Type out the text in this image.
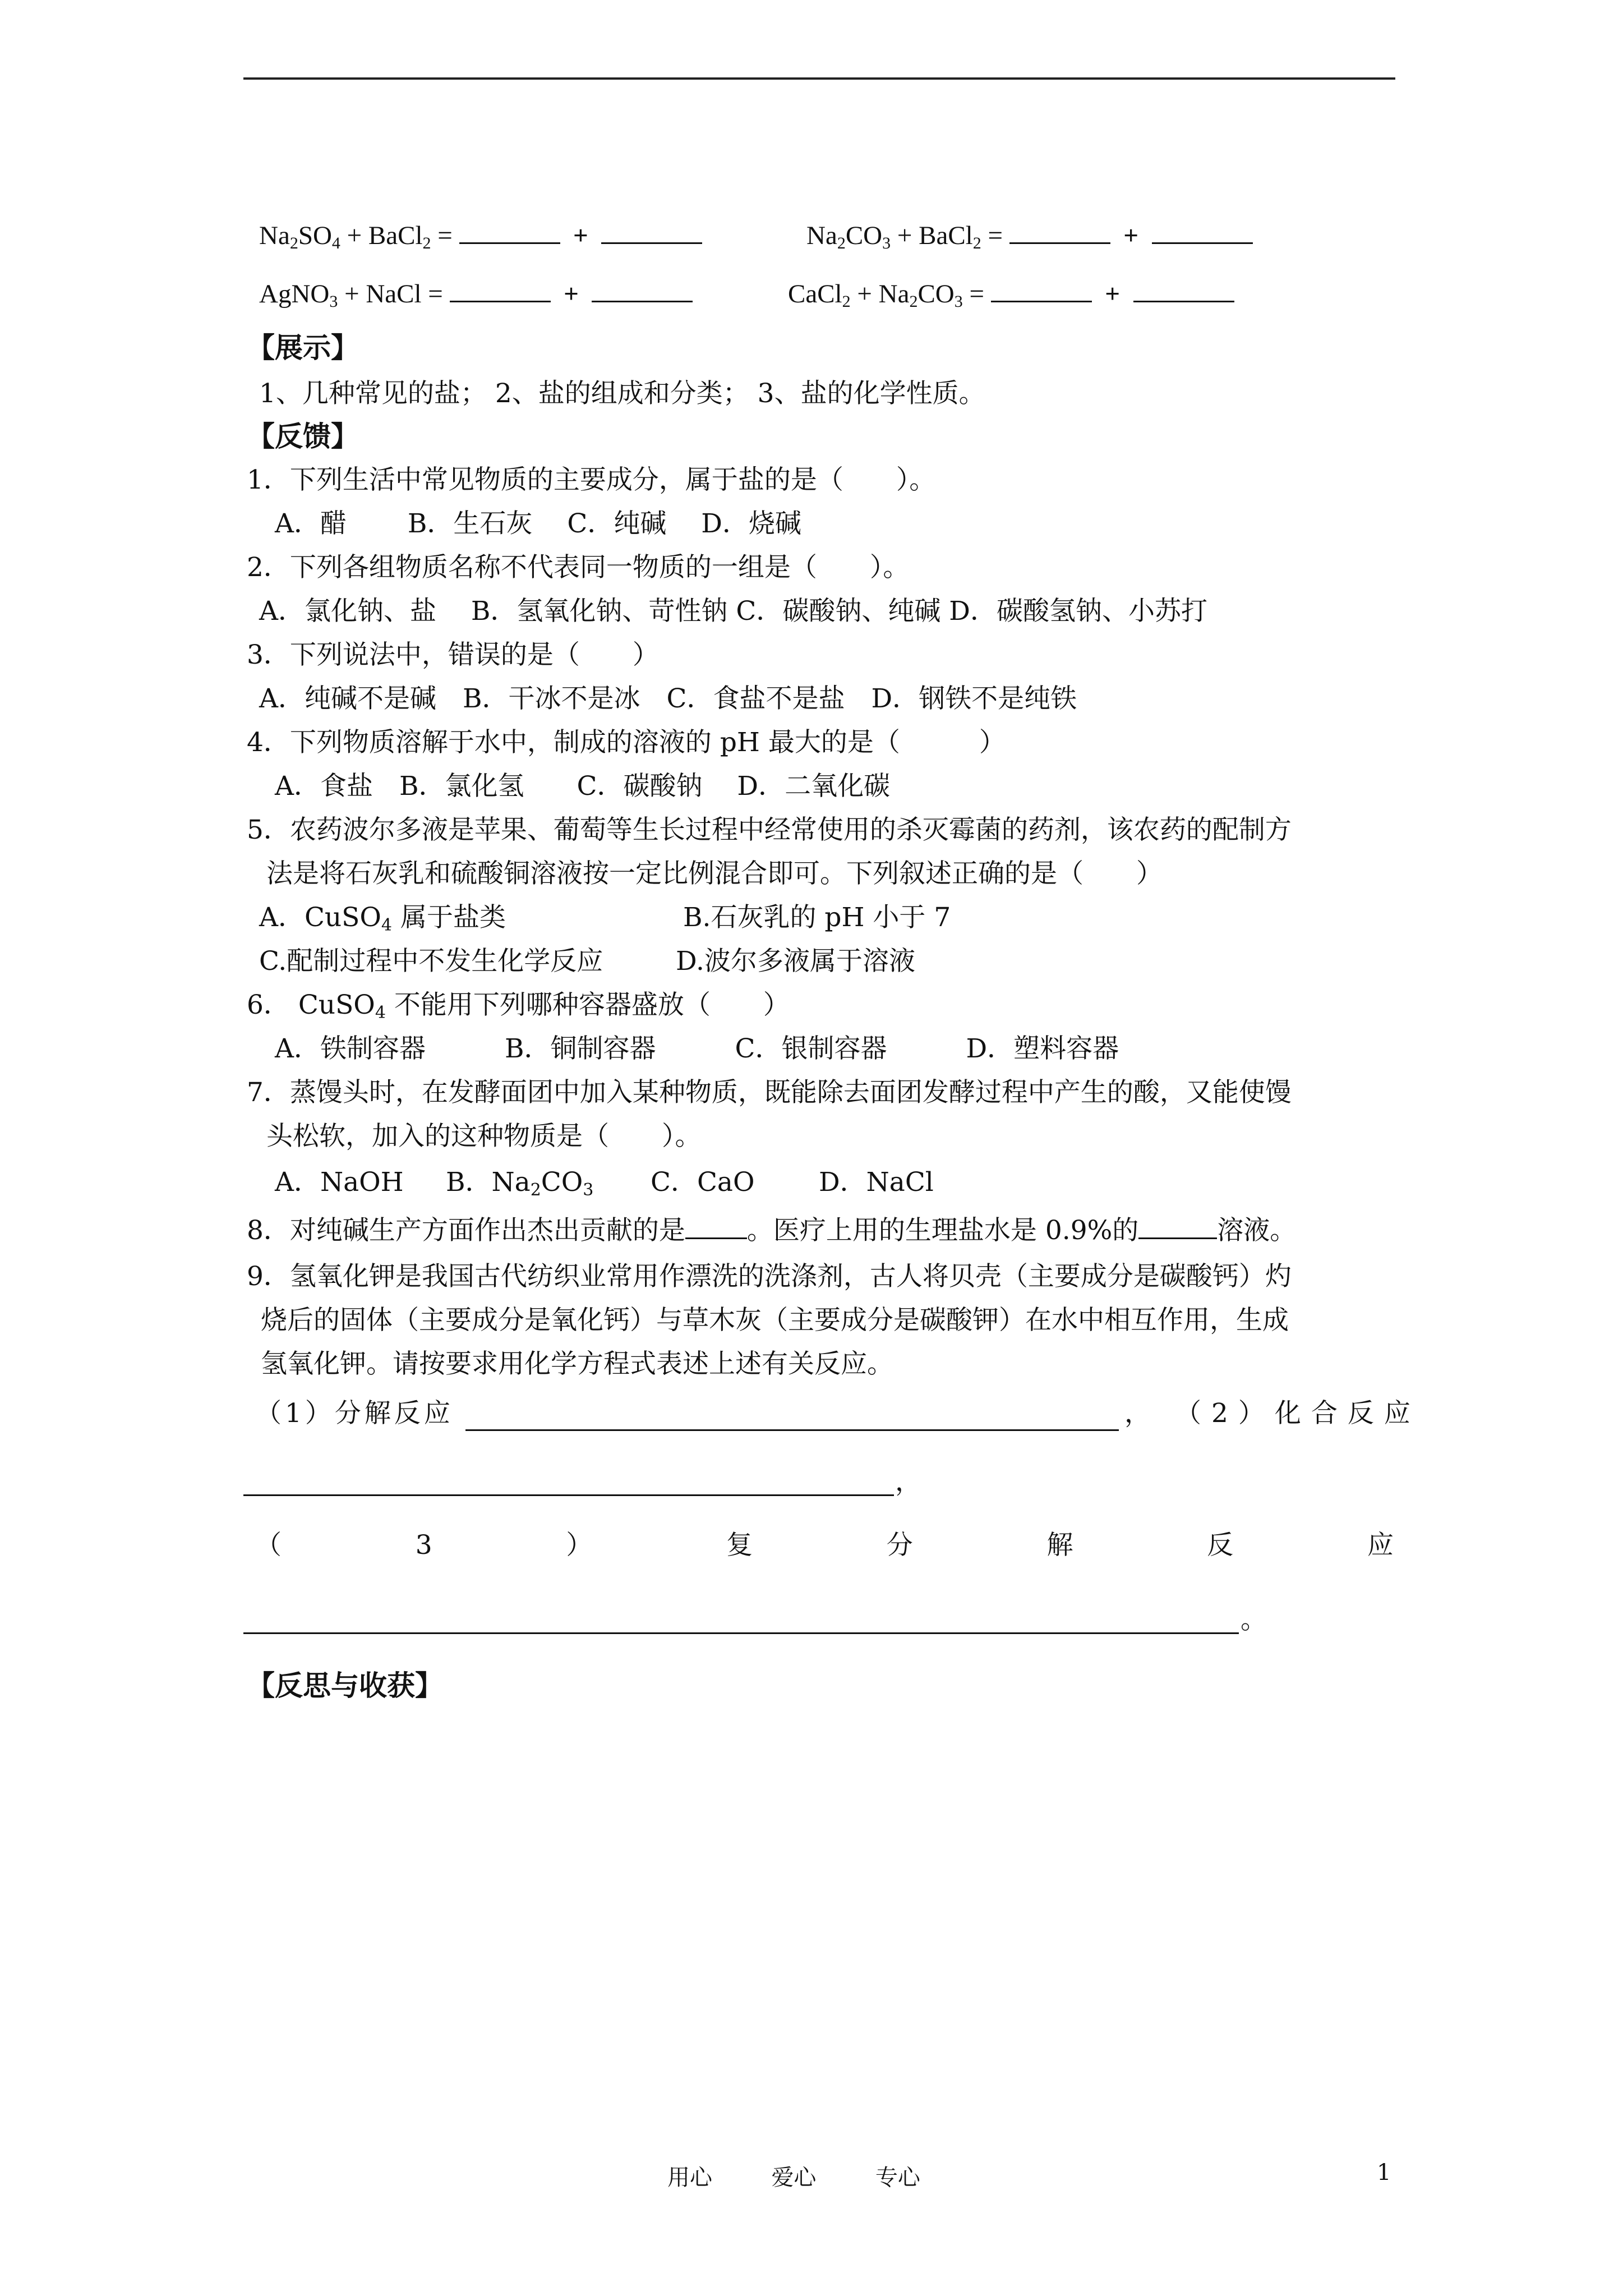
$Na_2SO_4$ + BaCl$_2$ =	+	$Na_2CO_3$ + BaCl$_2$ =	+
AgNO$_3$ + NaCl =	+	CaCl$_2$ + $Na_2CO_3$ =	+
【展示】
1、几种常见的盐； 2、盐的组成和分类； 3、盐的化学性质。
【反馈】
1．下列生活中常见物质的主要成分，属于盐的是（　　）。
A．醋　　 B．生石灰　 C．纯碱　 D．烧碱
2．下列各组物质名称不代表同一物质的一组是（　　）。
A．氯化钠、盐　 B．氢氧化钠、苛性钠 C．碳酸钠、纯碱 D．碳酸氢钠、小苏打
3．下列说法中，错误的是（　　）
A．纯碱不是碱　B．干冰不是冰　C．食盐不是盐　D．钢铁不是纯铁
4．下列物质溶解于水中，制成的溶液的 pH 最大的是（　　　）
A．食盐　B．氯化氢　　C．碳酸钠　 D．二氧化碳
5．农药波尔多液是苹果、葡萄等生长过程中经常使用的杀灭霉菌的药剂，该农药的配制方
法是将石灰乳和硫酸铜溶液按一定比例混合即可。下列叙述正确的是（　　）
A．CuSO$_4$ 属于盐类	B.石灰乳的 pH 小于 7
C.配制过程中不发生化学反应	D.波尔多液属于溶液
6． CuSO$_4$ 不能用下列哪种容器盛放（　　）
A．铁制容器　　　B．铜制容器　　　C．银制容器　　　D．塑料容器
7．蒸馒头时，在发酵面团中加入某种物质，既能除去面团发酵过程中产生的酸，又能使馒
头松软，加入的这种物质是（　　）。
A．NaOH B．$Na_2CO_3$ C．CaO D．NaCl
8．对纯碱生产方面作出杰出贡献的是 。医疗上用的生理盐水是 0.9%的	溶液。
9．氢氧化钾是我国古代纺织业常用作漂洗的洗涤剂，古人将贝壳（主要成分是碳酸钙）灼
烧后的固体（主要成分是氧化钙）与草木灰（主要成分是碳酸钾）在水中相互作用，生成
氢氧化钾。请按要求用化学方程式表述上述有关反应。
（1）分解反应	， （2）化合反应
，
（	3	）	复	分	解	反	应
。
【反思与收获】
用心	爱心	专心	1
